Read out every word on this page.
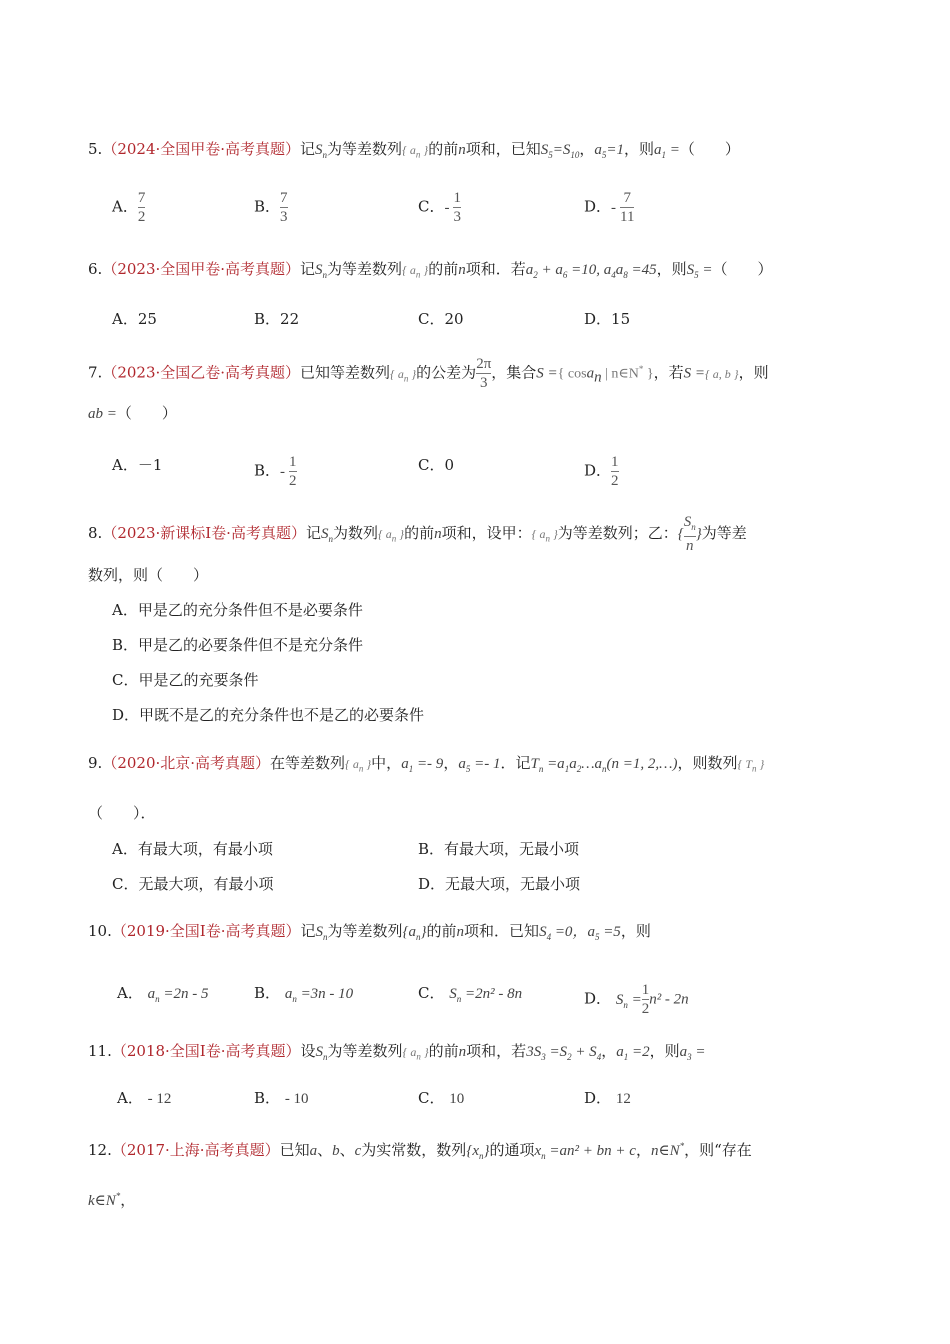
5.（2024·全国甲卷·高考真题）记$S_n$为等差数列{ $a_n$ }的前n项和，已知$S_5=S_{10}$，$a_5=1$，则$a_1$ =（　　）
A． $\frac{7}{2}$	B． $\frac{7}{3}$	C．- $\frac{1}{3}$	D．- $\frac{7}{11}$
6.（2023·全国甲卷·高考真题）记$S_n$为等差数列{ $a_n$ }的前n项和．若$a_2 + a_6 =10$, $a_4a_8 =45$，则$S_5$ =（　　）
A．25	B．22	C．20	D．15
7.（2023·全国乙卷·高考真题）已知等差数列{ $a_n$ }的公差为 $\frac{2\pi}{3}$ ，集合S ={ cosa$_n$ | n∈N* }，若S ={ a, b }，则
ab =（　　）
A．－1	B．- $\frac{1}{2}$	C．0	D． $\frac{1}{2}$
8.（2023·新课标Ⅰ卷·高考真题）记$S_n$为数列{ $a_n$ }的前n项和，设甲：{ $a_n$ }为等差数列；乙：{ $\frac{S_n}{n}$ }为等差
数列，则（　　）
A．甲是乙的充分条件但不是必要条件
B．甲是乙的必要条件但不是充分条件
C．甲是乙的充要条件
D．甲既不是乙的充分条件也不是乙的必要条件
9.（2020·北京·高考真题）在等差数列{ $a_n$ }中，$a_1 =- 9$，$a_5 =- 1$．记$T_n$ $=a_1a_2\dots a_n(n =1$, 2,…)，则数列{ $T_n$ }
（　　）．
A．有最大项，有最小项	B．有最大项，无最小项
C．无最大项，有最小项	D．无最大项，无最小项
10.（2019·全国Ⅰ卷·高考真题）记$S_n$为等差数列$\{a_n\}$的前n项和．已知$S_4 =0$，$a_5 =5$，则
A． $a_n =2n - 5$	B． $a_n =3n - 10$	C． $S_n =2n^2 - 8n$	D． $S_n = \frac{1}{2} n^2 - 2n$
11.（2018·全国Ⅰ卷·高考真题）设$S_n$为等差数列{ $a_n$ }的前n项和，若$3S_3 =S_2 + S_4$，$a_1 =2$，则$a_3$ =
A． - 12	B． - 10	C． 10	D． 12
12.（2017·上海·高考真题）已知a、b、c为实常数，数列$\{x_n\}$的通项$x_n =an^2$ + bn + c，n∈N*，则“存在
k∈N*，
